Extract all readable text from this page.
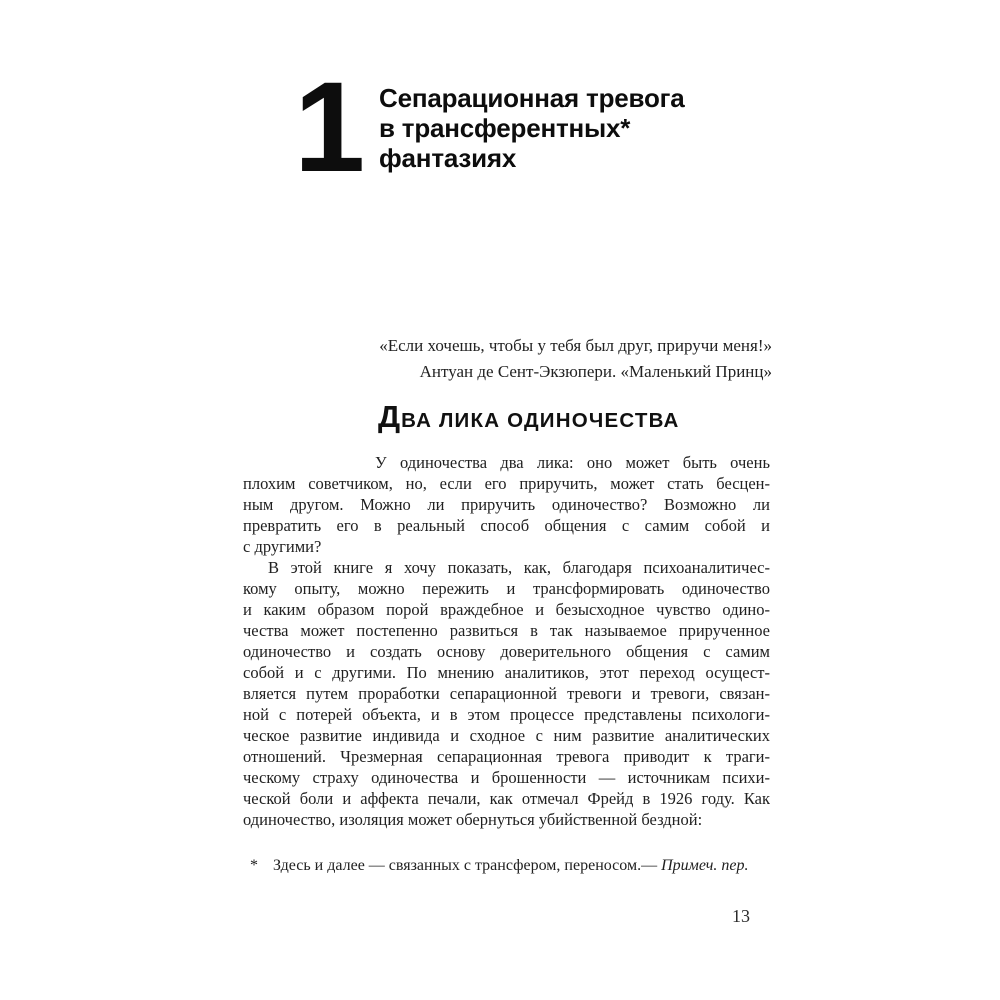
1 Сепарационная тревога
в трансферентных*
фантазиях
«Если хочешь, чтобы у тебя был друг, приручи меня!»
Антуан де Сент-Экзюпери. «Маленький Принц»
ДВА ЛИКА ОДИНОЧЕСТВА
У одиночества два лика: оно может быть очень
плохим советчиком, но, если его приручить, может стать бесцен-
ным другом. Можно ли приручить одиночество? Возможно ли
превратить его в реальный способ общения с самим собой и
с другими?
В этой книге я хочу показать, как, благодаря психоаналитичес-
кому опыту, можно пережить и трансформировать одиночество
и каким образом порой враждебное и безысходное чувство одино-
чества может постепенно развиться в так называемое прирученное
одиночество и создать основу доверительного общения с самим
собой и с другими. По мнению аналитиков, этот переход осущест-
вляется путем проработки сепарационной тревоги и тревоги, связан-
ной с потерей объекта, и в этом процессе представлены психологи-
ческое развитие индивида и сходное с ним развитие аналитических
отношений. Чрезмерная сепарационная тревога приводит к траги-
ческому страху одиночества и брошенности — источникам психи-
ческой боли и аффекта печали, как отмечал Фрейд в 1926 году. Как
одиночество, изоляция может обернуться убийственной бездной:
* Здесь и далее — связанных с трансфером, переносом.— Примеч. пер.
13
